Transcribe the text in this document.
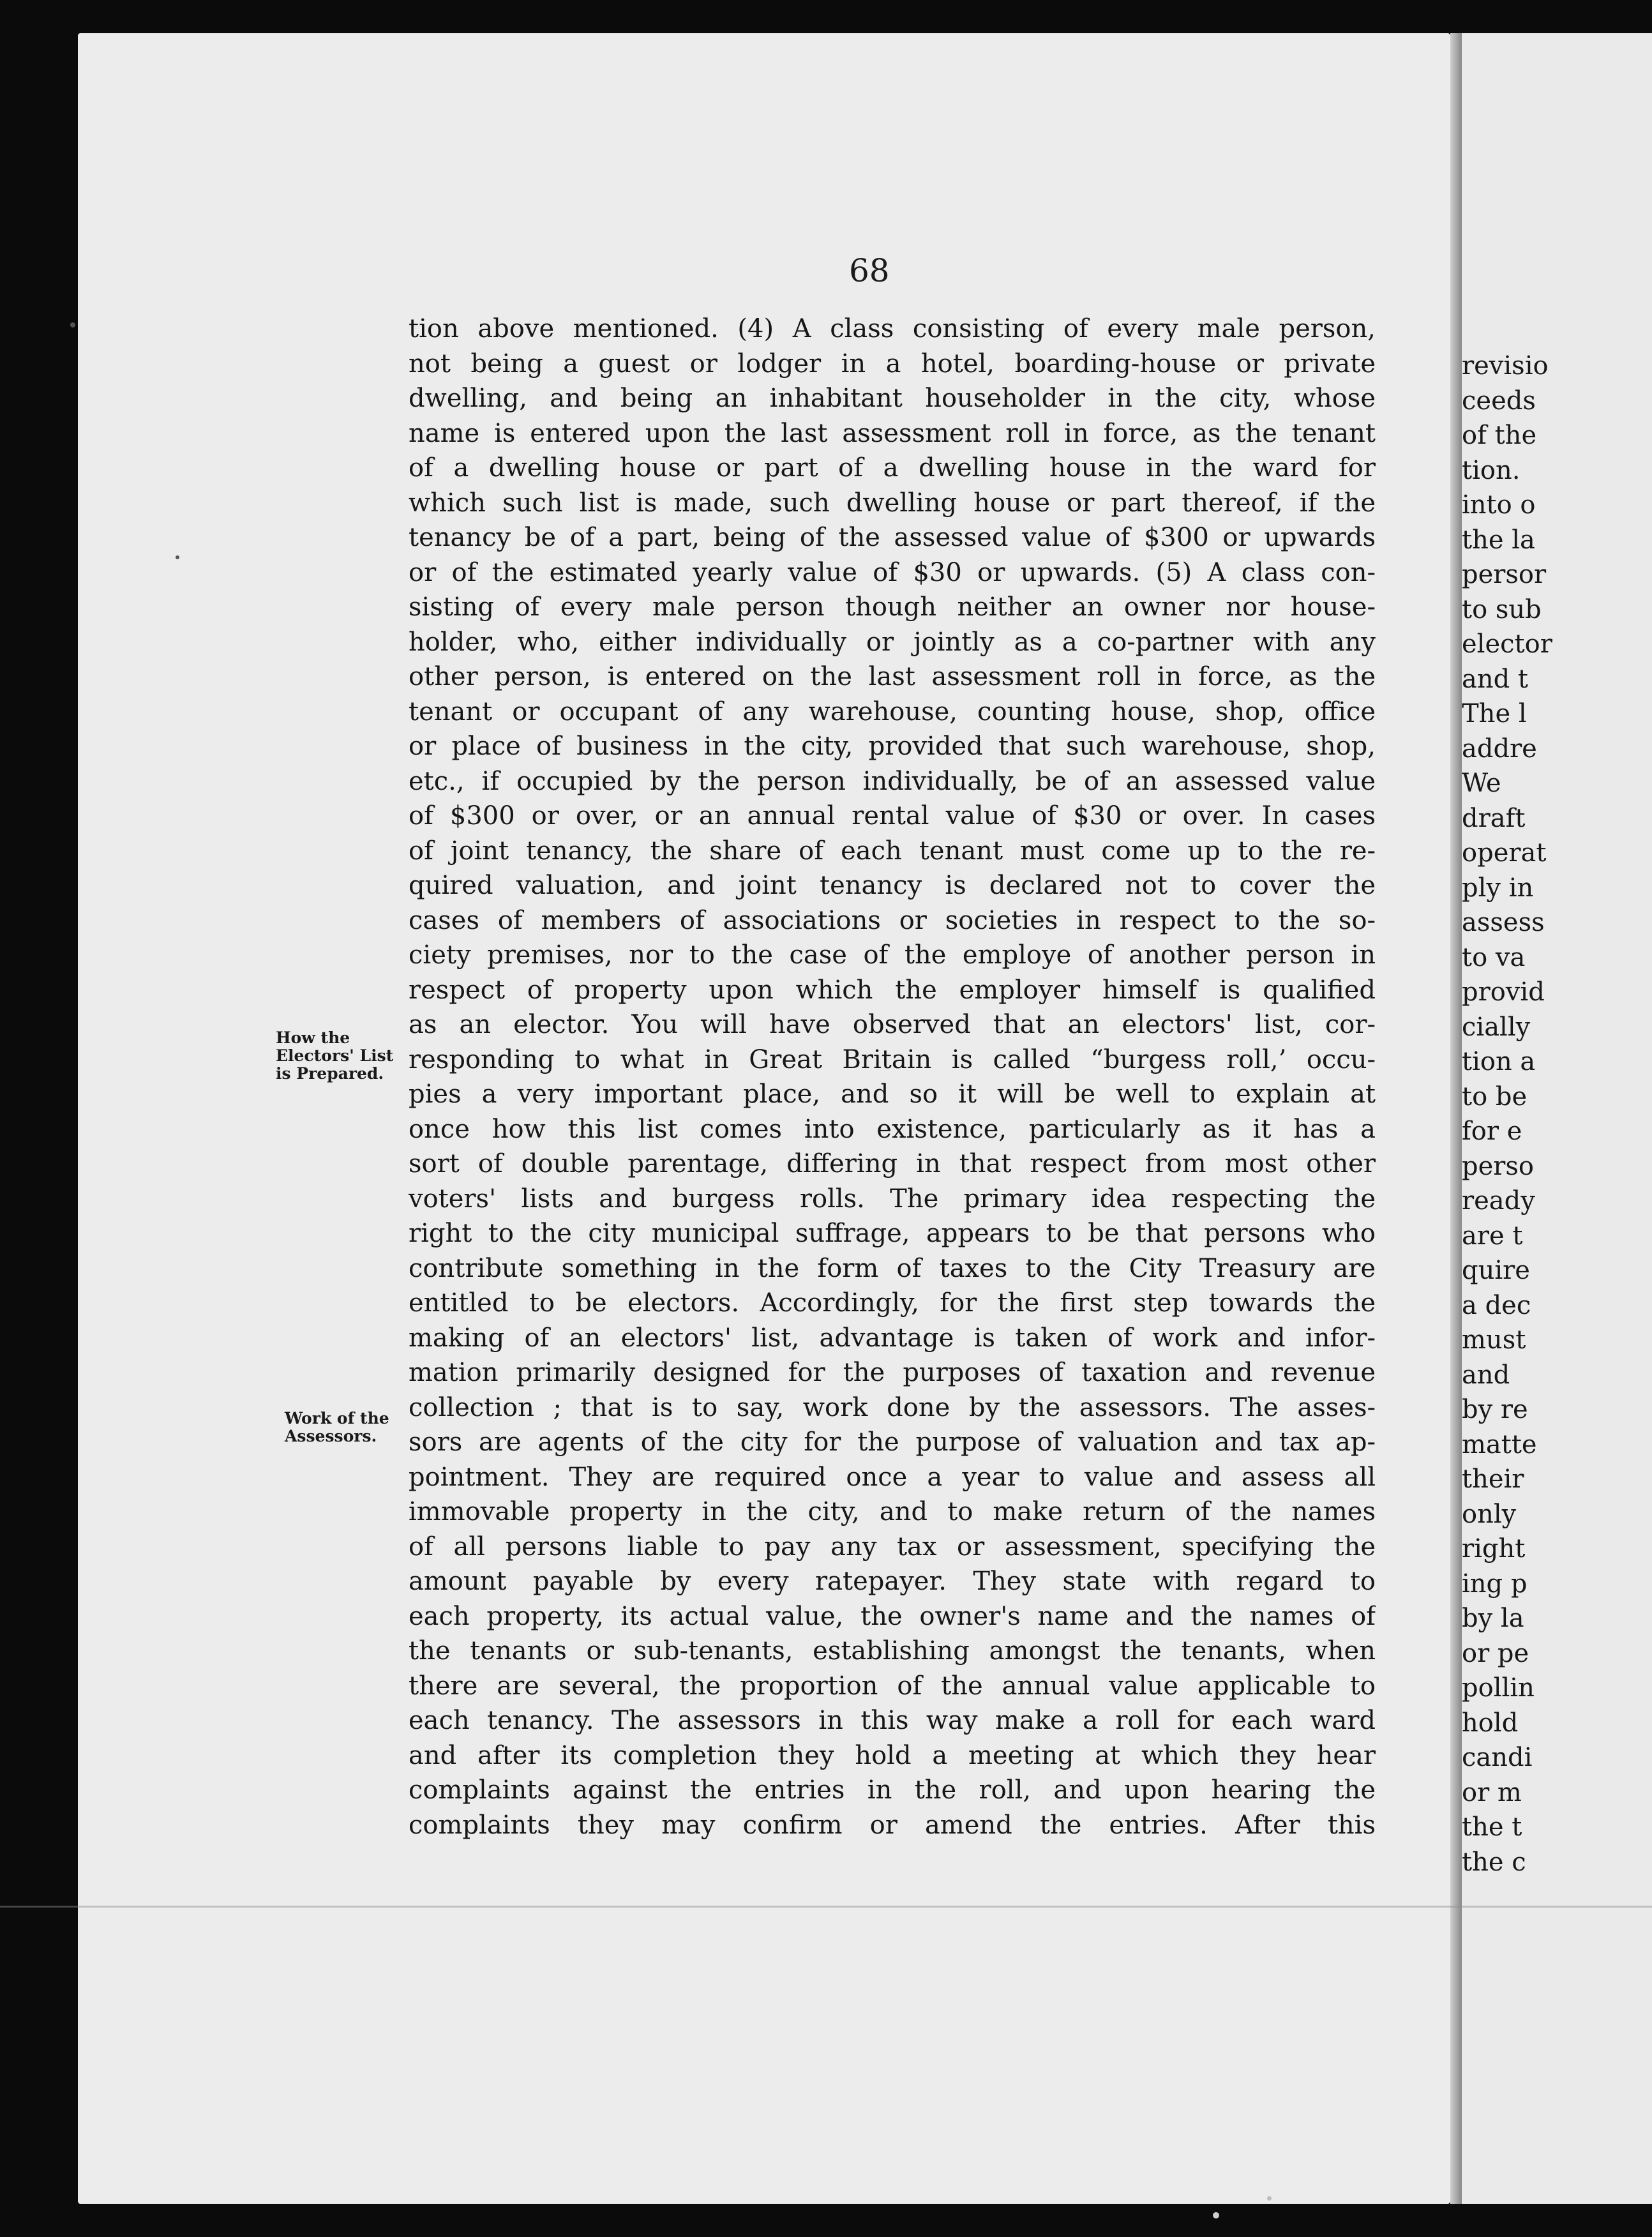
revisio
ceeds
of the
tion.
into o
the la
persor
to sub
elector
and t
The l
addre
We
draft
operat
ply in
assess
to va
provid
cially
tion a
to be
for e
perso
ready
are t
quire
a dec
must
and
by re
matte
their
only
right
ing p
by la
or pe
pollin
hold
candi
or m
the t
the c
68
How the
Electors' List
is Prepared.
Work of the
Assessors.
tion above mentioned. (4) A class consisting of every male person,
not being a guest or lodger in a hotel, boarding-house or private
dwelling, and being an inhabitant householder in the city, whose
name is entered upon the last assessment roll in force, as the tenant
of a dwelling house or part of a dwelling house in the ward for
which such list is made, such dwelling house or part thereof, if the
tenancy be of a part, being of the assessed value of $300 or upwards
or of the estimated yearly value of $30 or upwards. (5) A class con-
sisting of every male person though neither an owner nor house-
holder, who, either individually or jointly as a co-partner with any
other person, is entered on the last assessment roll in force, as the
tenant or occupant of any warehouse, counting house, shop, office
or place of business in the city, provided that such warehouse, shop,
etc., if occupied by the person individually, be of an assessed value
of $300 or over, or an annual rental value of $30 or over. In cases
of joint tenancy, the share of each tenant must come up to the re-
quired valuation, and joint tenancy is declared not to cover the
cases of members of associations or societies in respect to the so-
ciety premises, nor to the case of the employe of another person in
respect of property upon which the employer himself is qualified
as an elector. You will have observed that an electors' list, cor-
responding to what in Great Britain is called “burgess roll,’ occu-
pies a very important place, and so it will be well to explain at
once how this list comes into existence, particularly as it has a
sort of double parentage, differing in that respect from most other
voters' lists and burgess rolls. The primary idea respecting the
right to the city municipal suffrage, appears to be that persons who
contribute something in the form of taxes to the City Treasury are
entitled to be electors. Accordingly, for the first step towards the
making of an electors' list, advantage is taken of work and infor-
mation primarily designed for the purposes of taxation and revenue
collection ; that is to say, work done by the assessors. The asses-
sors are agents of the city for the purpose of valuation and tax ap-
pointment. They are required once a year to value and assess all
immovable property in the city, and to make return of the names
of all persons liable to pay any tax or assessment, specifying the
amount payable by every ratepayer. They state with regard to
each property, its actual value, the owner's name and the names of
the tenants or sub-tenants, establishing amongst the tenants, when
there are several, the proportion of the annual value applicable to
each tenancy. The assessors in this way make a roll for each ward
and after its completion they hold a meeting at which they hear
complaints against the entries in the roll, and upon hearing the
complaints they may confirm or amend the entries. After this
